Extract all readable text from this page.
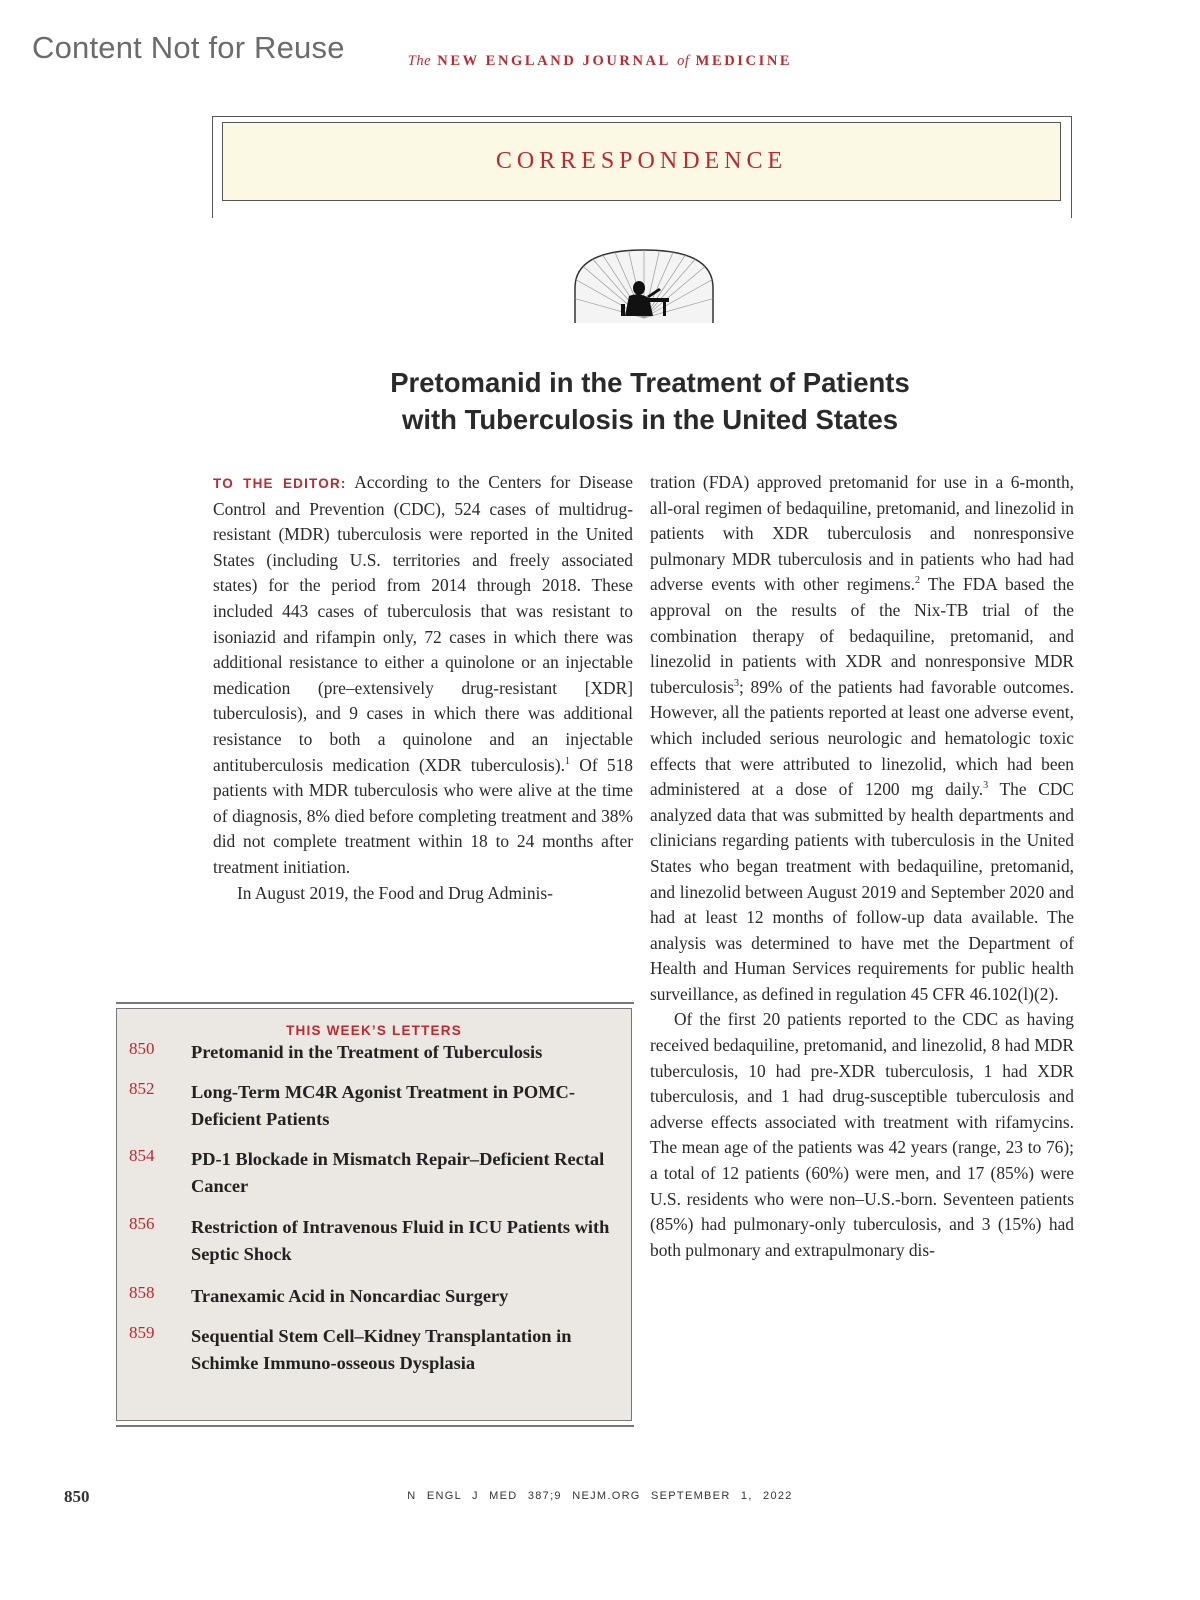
Content Not for Reuse	The NEW ENGLAND JOURNAL of MEDICINE
CORRESPONDENCE
Pretomanid in the Treatment of Patients
with Tuberculosis in the United States

TO THE EDITOR: According to the Centers for Disease Control and Prevention (CDC), 524 cases of multidrug-resistant (MDR) tuberculosis were reported in the United States (including U.S. territories and freely associated states) for the period from 2014 through 2018. These included 443 cases of tuberculosis that was resistant to isoniazid and rifampin only, 72 cases in which there was additional resistance to either a quinolone or an injectable medication (pre–extensively drug-resistant [XDR] tuberculosis), and 9 cases in which there was additional resistance to both a quinolone and an injectable antituberculosis medication (XDR tuberculosis).$^1$ Of 518 patients with MDR tuberculosis who were alive at the time of diagnosis, 8% died before completing treatment and 38% did not complete treatment within 18 to 24 months after treatment initiation.

In August 2019, the Food and Drug Adminis-

tration (FDA) approved pretomanid for use in a 6-month, all-oral regimen of bedaquiline, pretomanid, and linezolid in patients with XDR tuberculosis and nonresponsive pulmonary MDR tuberculosis and in patients who had had adverse events with other regimens.$^2$ The FDA based the approval on the results of the Nix-TB trial of the combination therapy of bedaquiline, pretomanid, and linezolid in patients with XDR and nonresponsive MDR tuberculosis$^3$; 89% of the patients had favorable outcomes. However, all the patients reported at least one adverse event, which included serious neurologic and hematologic toxic effects that were attributed to linezolid, which had been administered at a dose of 1200 mg daily.$^3$ The CDC analyzed data that was submitted by health departments and clinicians regarding patients with tuberculosis in the United States who began treatment with bedaquiline, pretomanid, and linezolid between August 2019 and September 2020 and had at least 12 months of follow-up data available. The analysis was determined to have met the Department of Health and Human Services requirements for public health surveillance, as defined in regulation 45 CFR 46.102(l)(2).

Of the first 20 patients reported to the CDC as having received bedaquiline, pretomanid, and linezolid, 8 had MDR tuberculosis, 10 had pre-XDR tuberculosis, 1 had XDR tuberculosis, and 1 had drug-susceptible tuberculosis and adverse effects associated with treatment with rifamycins. The mean age of the patients was 42 years (range, 23 to 76); a total of 12 patients (60%) were men, and 17 (85%) were U.S. residents who were non–U.S.-born. Seventeen patients (85%) had pulmonary-only tuberculosis, and 3 (15%) had both pulmonary and extrapulmonary dis-

THIS WEEK’S LETTERS
850	Pretomanid in the Treatment of Tuberculosis
852	Long-Term MC4R Agonist Treatment in POMC-Deficient Patients
854	PD-1 Blockade in Mismatch Repair–Deficient Rectal Cancer
856	Restriction of Intravenous Fluid in ICU Patients with Septic Shock
858	Tranexamic Acid in Noncardiac Surgery
859	Sequential Stem Cell–Kidney Transplantation in Schimke Immuno-osseous Dysplasia
850	N ENGL J MED 387;9 NEJM.ORG SEPTEMBER 1, 2022
